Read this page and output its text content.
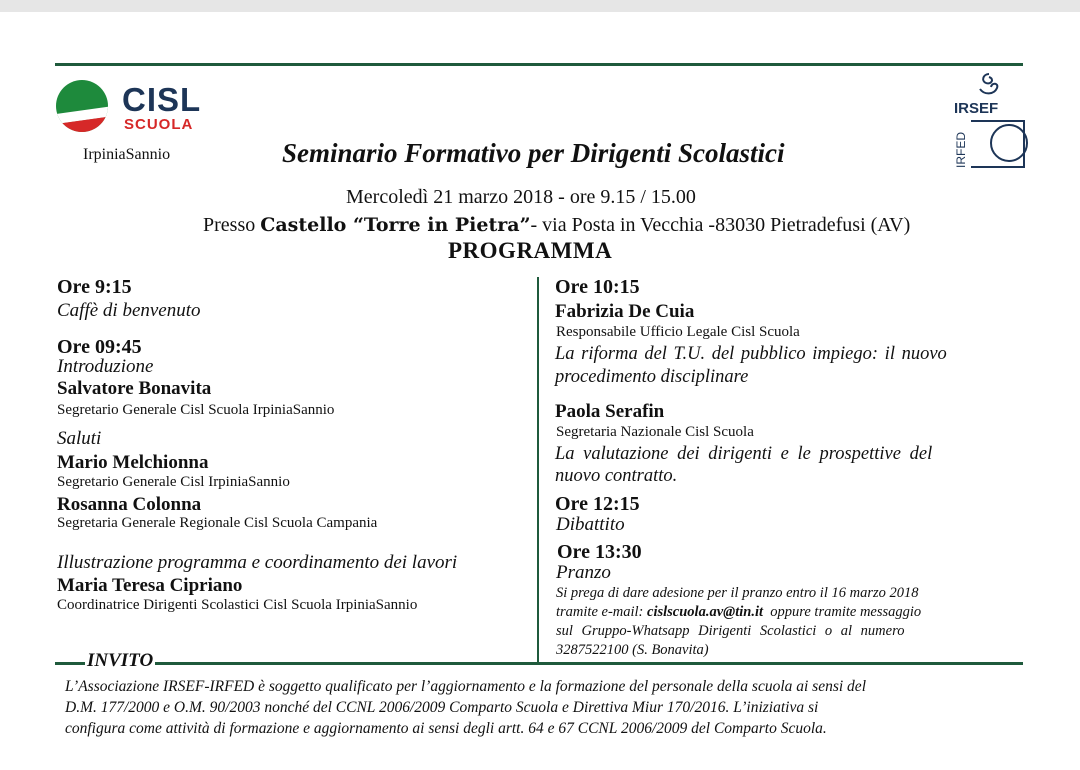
CISL
SCUOLA
IRSEF
IRFED
IrpiniaSannio	Seminario Formativo per Dirigenti Scolastici
Mercoledì 21 marzo 2018 - ore 9.15 / 15.00
Presso Castello “Torre in Pietra”- via Posta in Vecchia -83030 Pietradefusi (AV)
PROGRAMMA
Ore 9:15
Caffè di benvenuto
Ore 09:45
Introduzione
Salvatore Bonavita
Segretario Generale Cisl Scuola IrpiniaSannio
Saluti
Mario Melchionna
Segretario Generale Cisl IrpiniaSannio
Rosanna Colonna
Segretaria Generale Regionale Cisl Scuola Campania
Illustrazione programma e coordinamento dei lavori
Maria Teresa Cipriano
Coordinatrice Dirigenti Scolastici Cisl Scuola IrpiniaSannio
Ore 10:15
Fabrizia De Cuia
Responsabile Ufficio Legale Cisl Scuola
La riforma del T.U. del pubblico impiego: il nuovo
procedimento disciplinare
Paola Serafin
Segretaria Nazionale Cisl Scuola
La valutazione dei dirigenti e le prospettive del
nuovo contratto.
Ore 12:15
Dibattito
Ore 13:30
Pranzo
Si prega di dare adesione per il pranzo entro il 16 marzo 2018
tramite e-mail: cislscuola.av@tin.it  oppure tramite messaggio
sul Gruppo-Whatsapp Dirigenti Scolastici o al numero
3287522100 (S. Bonavita)
INVITO
L’Associazione IRSEF-IRFED è soggetto qualificato per l’aggiornamento e la formazione del personale della scuola ai sensi del
D.M. 177/2000 e O.M. 90/2003 nonché del CCNL 2006/2009 Comparto Scuola e Direttiva Miur 170/2016. L’iniziativa si
configura come attività di formazione e aggiornamento ai sensi degli artt. 64 e 67 CCNL 2006/2009 del Comparto Scuola.
